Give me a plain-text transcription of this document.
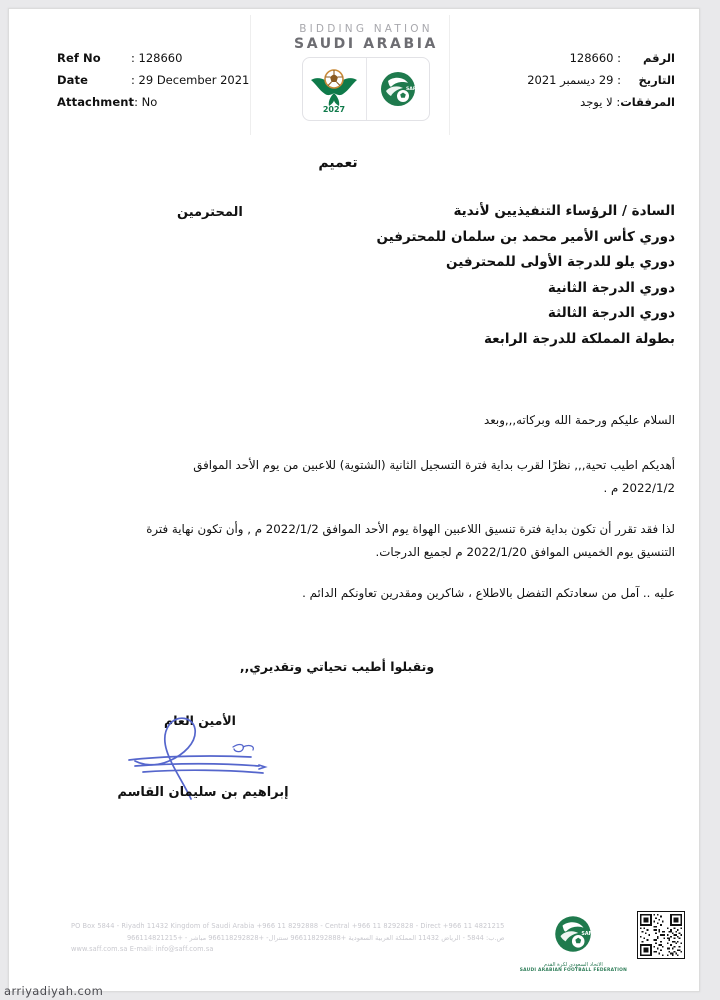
Ref No	: 128660
Date	: 29 December 2021
Attachment : No
BIDDING NATION
SAUDI ARABIA
2027
SAFF
الرقم
: 128660
التاريخ
: 29 ديسمبر 2021
المرفقات
: لا يوجد
تعميم
السادة / الرؤساء التنفيذيين لأندية
دوري كأس الأمير محمد بن سلمان للمحترفين
دوري يلو للدرجة الأولى للمحترفين
دوري الدرجة الثانية
دوري الدرجة الثالثة
بطولة المملكة للدرجة الرابعة
المحترمين

السلام عليكم ورحمة الله وبركاته,,,وبعد

أهديكم اطيب تحية,,, نظرًا لقرب بداية فترة التسجيل الثانية (الشتوية) للاعبين من يوم الأحد الموافق 2022/1/2 م .

لذا فقد تقرر أن تكون بداية فترة تنسيق اللاعبين الهواة يوم الأحد الموافق 2022/1/2 م , وأن تكون نهاية فترة التنسيق يوم الخميس الموافق 2022/1/20 م لجميع الدرجات.

عليه .. آمل من سعادتكم التفضل بالاطلاع ، شاكرين ومقدرين تعاونكم الدائم .

وتقبلوا أطيب تحياتي وتقديري,,
الأمين العام
إبراهيم بن سليمان القاسم
PO Box 5844 - Riyadh 11432 Kingdom of Saudi Arabia +966 11 8292888 - Central +966 11 8292828 - Direct +966 11 4821215
ص.ب: 5844 - الرياض 11432 المملكة العربية السعودية +966118292888 سنترال- +966118292828 مباشر - +966114821215
www.saff.com.sa E-mail: info@saff.com.sa
SAFF
الاتحاد السعودي لكرة القدم
SAUDI ARABIAN FOOTBALL FEDERATION
arriyadiyah.com
